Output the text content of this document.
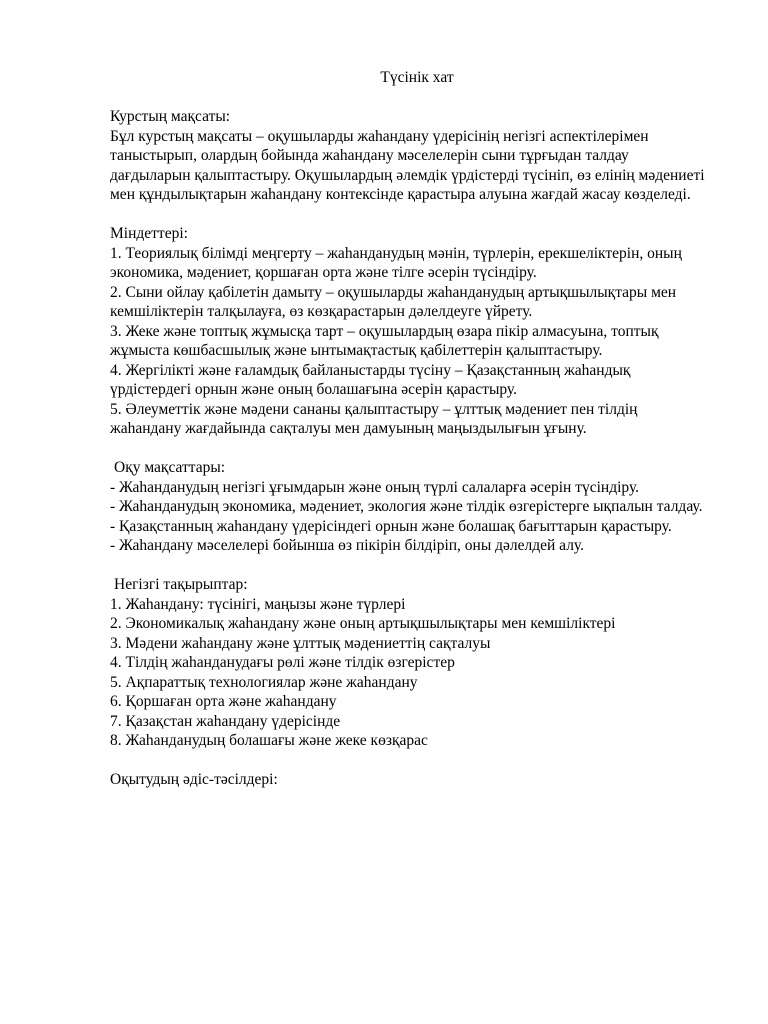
Түсінік хат

Курстың мақсаты:

Бұл курстың мақсаты – оқушыларды жаһандану үдерісінің негізгі аспектілерімен таныстырып, олардың бойында жаһандану мәселелерін сыни тұрғыдан талдау дағдыларын қалыптастыру. Оқушылардың әлемдік үрдістерді түсініп, өз елінің мәдениеті мен құндылықтарын жаһандану контексінде қарастыра алуына жағдай жасау көзделеді.

Міндеттері:

1. Теориялық білімді меңгерту – жаһанданудың мәнін, түрлерін, ерекшеліктерін, оның экономика, мәдениет, қоршаған орта және тілге әсерін түсіндіру.

2. Сыни ойлау қабілетін дамыту – оқушыларды жаһанданудың артықшылықтары мен кемшіліктерін талқылауға, өз көзқарастарын дәлелдеуге үйрету.

3. Жеке және топтық жұмысқа тарт – оқушылардың өзара пікір алмасуына, топтық жұмыста көшбасшылық және ынтымақтастық қабілеттерін қалыптастыру.

4. Жергілікті және ғаламдық байланыстарды түсіну – Қазақстанның жаһандық үрдістердегі орнын және оның болашағына әсерін қарастыру.

5. Әлеуметтік және мәдени сананы қалыптастыру – ұлттық мәдениет пен тілдің жаһандану жағдайында сақталуы мен дамуының маңыздылығын ұғыну.

Оқу мақсаттары:

- Жаһанданудың негізгі ұғымдарын және оның түрлі салаларға әсерін түсіндіру.

- Жаһанданудың экономика, мәдениет, экология және тілдік өзгерістерге ықпалын талдау.

- Қазақстанның жаһандану үдерісіндегі орнын және болашақ бағыттарын қарастыру.

- Жаһандану мәселелері бойынша өз пікірін білдіріп, оны дәлелдей алу.

Негізгі тақырыптар:

1. Жаһандану: түсінігі, маңызы және түрлері

2. Экономикалық жаһандану және оның артықшылықтары мен кемшіліктері

3. Мәдени жаһандану және ұлттық мәдениеттің сақталуы

4. Тілдің жаһанданудағы рөлі және тілдік өзгерістер

5. Ақпараттық технологиялар және жаһандану

6. Қоршаған орта және жаһандану

7. Қазақстан жаһандану үдерісінде

8. Жаһанданудың болашағы және жеке көзқарас

Оқытудың әдіс-тәсілдері:
